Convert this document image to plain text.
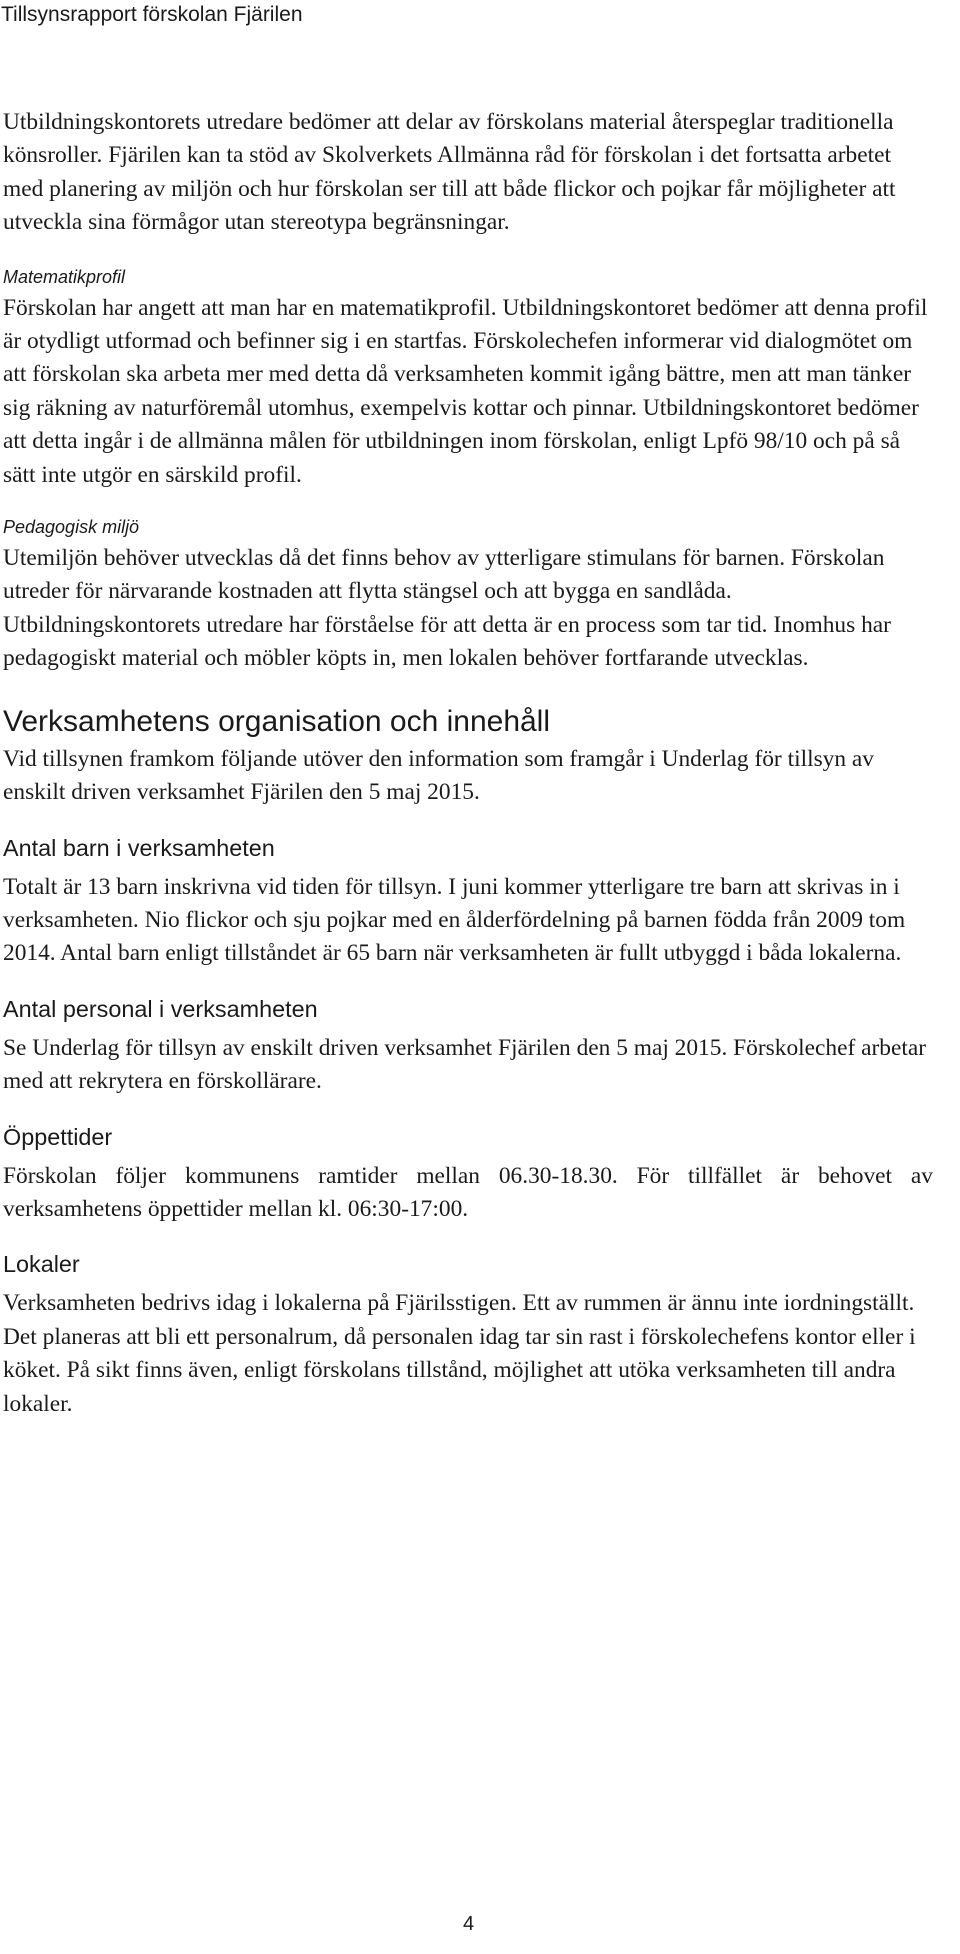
Tillsynsrapport förskolan Fjärilen

Utbildningskontorets utredare bedömer att delar av förskolans material återspeglar traditionella könsroller. Fjärilen kan ta stöd av Skolverkets Allmänna råd för förskolan i det fortsatta arbetet med planering av miljön och hur förskolan ser till att både flickor och pojkar får möjligheter att utveckla sina förmågor utan stereotypa begränsningar.

Matematikprofil

Förskolan har angett att man har en matematikprofil. Utbildningskontoret bedömer att denna profil är otydligt utformad och befinner sig i en startfas. Förskolechefen informerar vid dialogmötet om att förskolan ska arbeta mer med detta då verksamheten kommit igång bättre, men att man tänker sig räkning av naturföremål utomhus, exempelvis kottar och pinnar. Utbildningskontoret bedömer att detta ingår i de allmänna målen för utbildningen inom förskolan, enligt Lpfö 98/10 och på så sätt inte utgör en särskild profil.

Pedagogisk miljö

Utemiljön behöver utvecklas då det finns behov av ytterligare stimulans för barnen. Förskolan utreder för närvarande kostnaden att flytta stängsel och att bygga en sandlåda. Utbildningskontorets utredare har förståelse för att detta är en process som tar tid. Inomhus har pedagogiskt material och möbler köpts in, men lokalen behöver fortfarande utvecklas.

Verksamhetens organisation och innehåll

Vid tillsynen framkom följande utöver den information som framgår i Underlag för tillsyn av enskilt driven verksamhet Fjärilen den 5 maj 2015.

Antal barn i verksamheten

Totalt är 13 barn inskrivna vid tiden för tillsyn. I juni kommer ytterligare tre barn att skrivas in i verksamheten. Nio flickor och sju pojkar med en ålderfördelning på barnen födda från 2009 tom 2014. Antal barn enligt tillståndet är 65 barn när verksamheten är fullt utbyggd i båda lokalerna.

Antal personal i verksamheten

Se Underlag för tillsyn av enskilt driven verksamhet Fjärilen den 5 maj 2015. Förskolechef arbetar med att rekrytera en förskollärare.

Öppettider

Förskolan följer kommunens ramtider mellan 06.30-18.30. För tillfället är behovet av verksamhetens öppettider mellan kl. 06:30-17:00.

Lokaler

Verksamheten bedrivs idag i lokalerna på Fjärilsstigen. Ett av rummen är ännu inte iordningställt. Det planeras att bli ett personalrum, då personalen idag tar sin rast i förskolechefens kontor eller i köket. På sikt finns även, enligt förskolans tillstånd, möjlighet att utöka verksamheten till andra lokaler.

4
